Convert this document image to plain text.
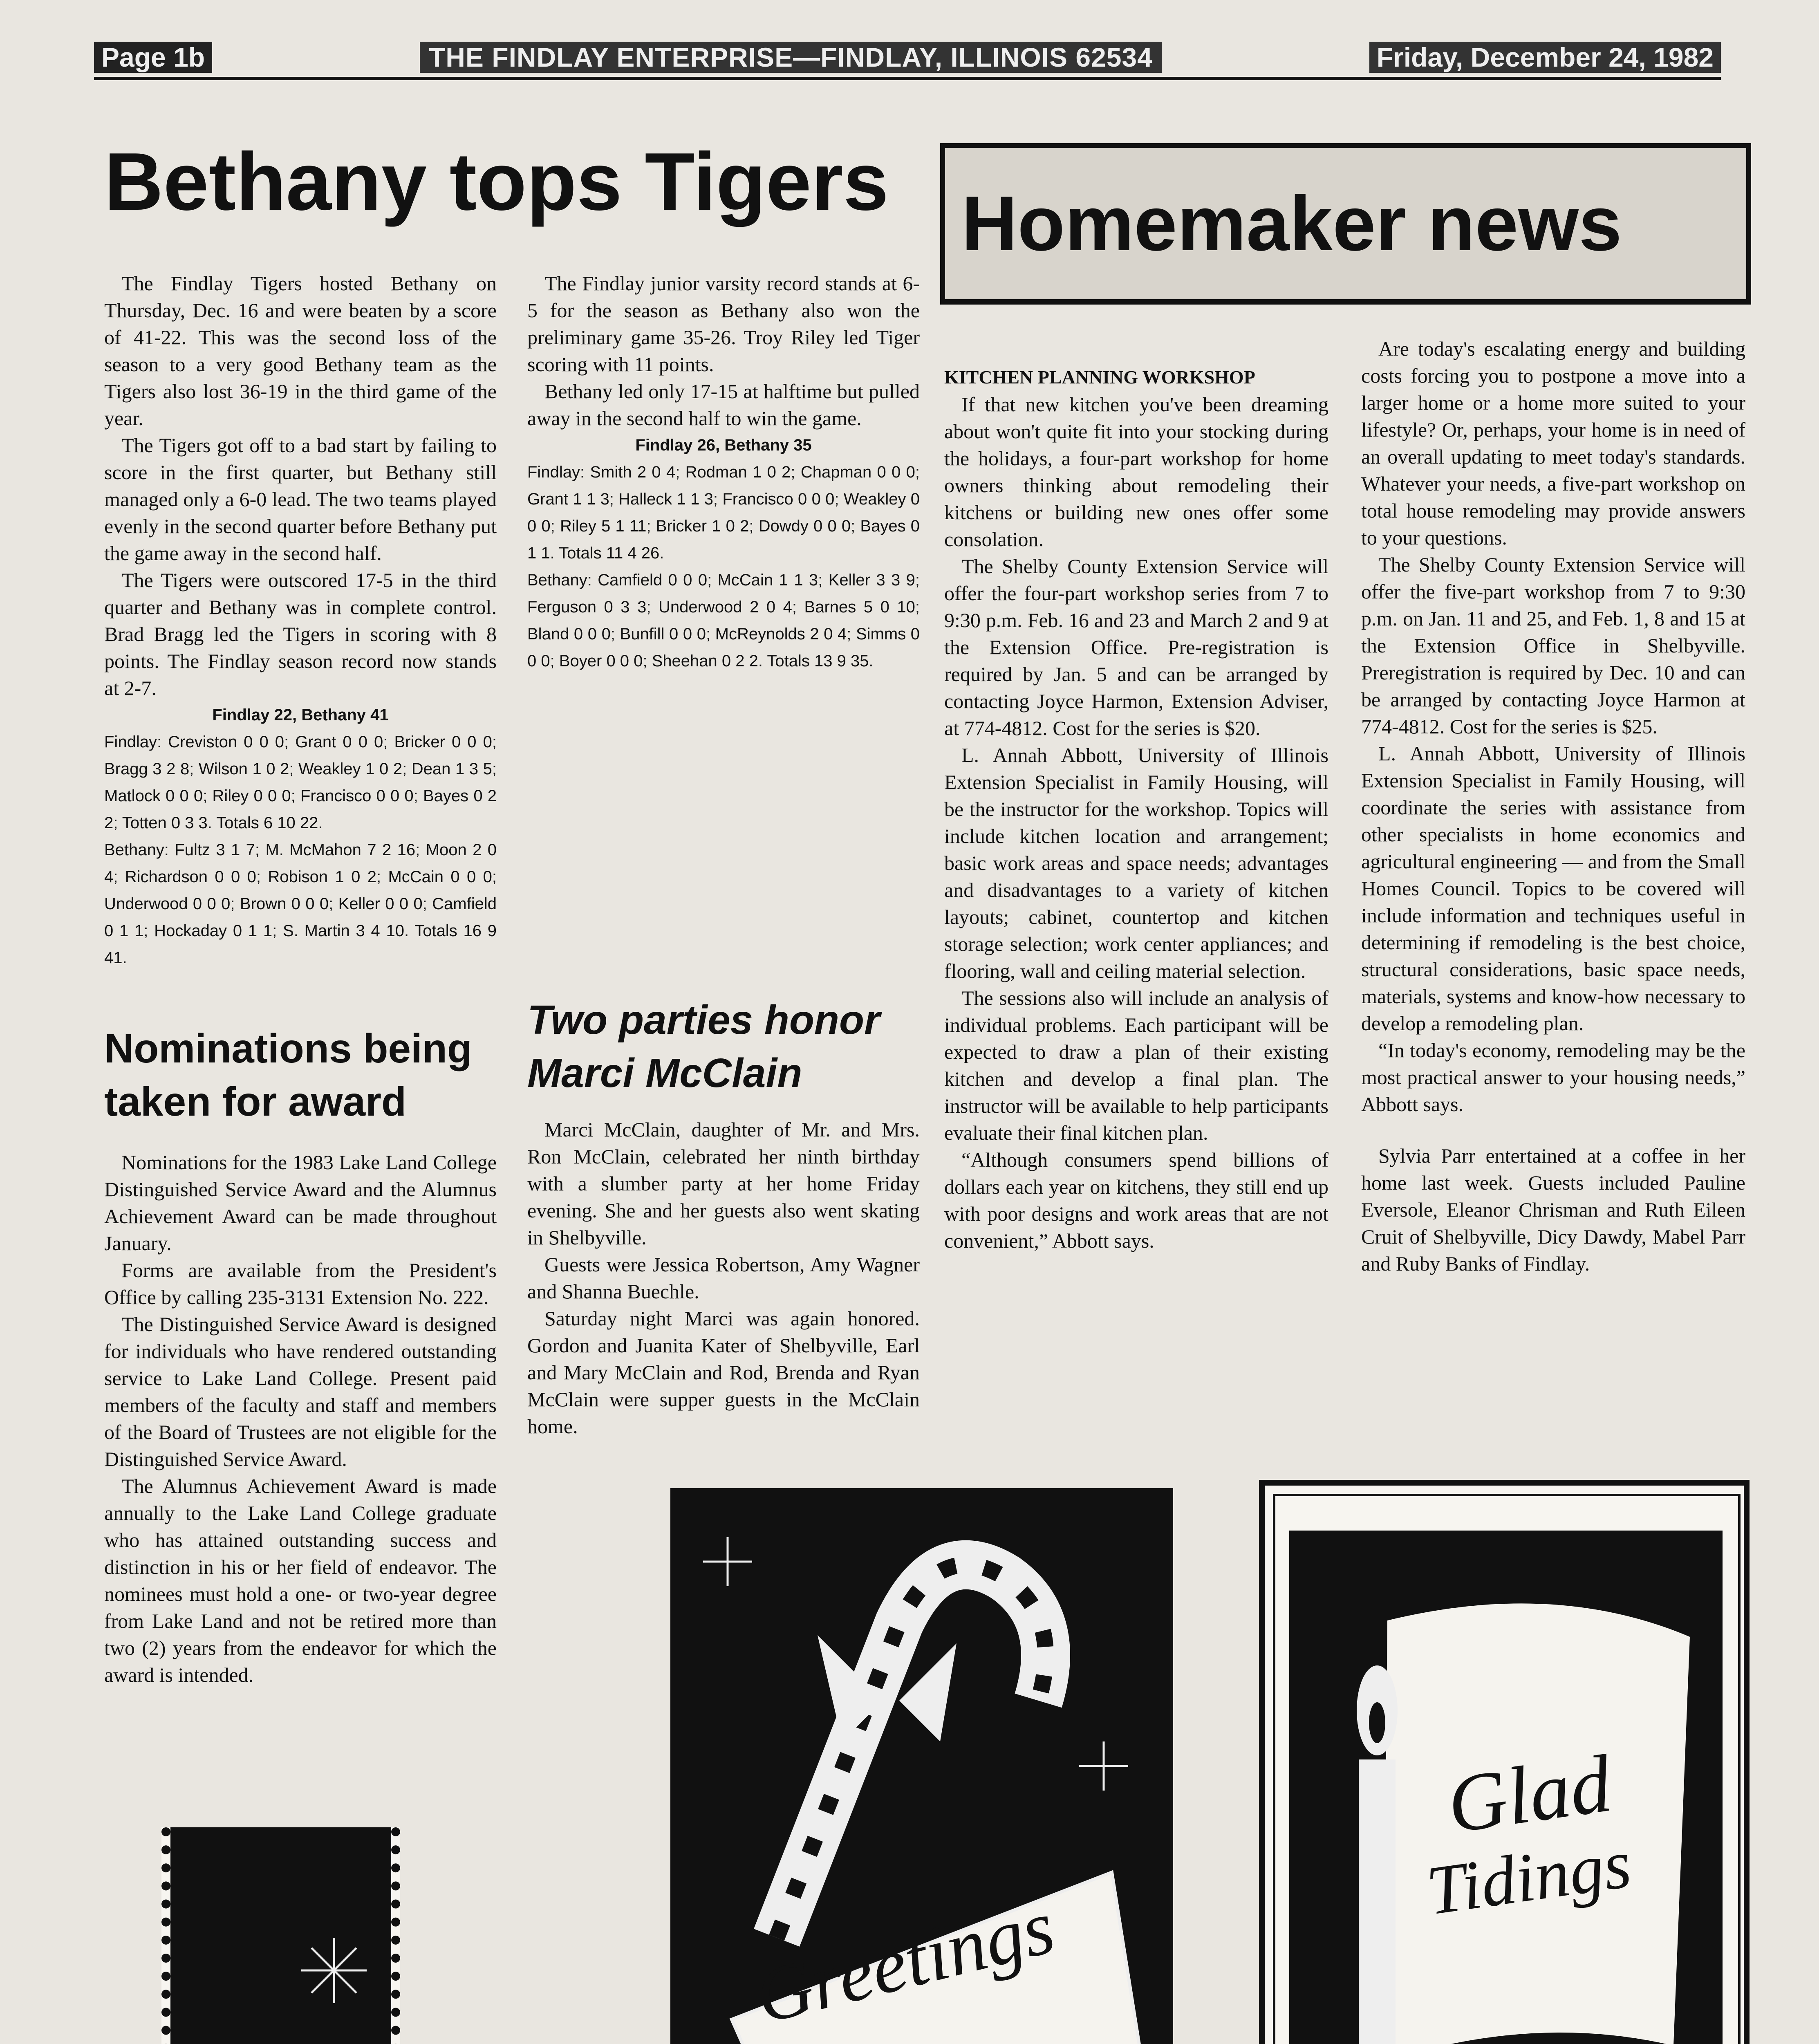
Page 1b	THE FINDLAY ENTERPRISE—FINDLAY, ILLINOIS 62534	Friday, December 24, 1982
Bethany tops Tigers

The Findlay Tigers hosted Bethany on Thursday, Dec. 16 and were beaten by a score of 41-22. This was the second loss of the season to a very good Bethany team as the Tigers also lost 36-19 in the third game of the year.

The Tigers got off to a bad start by failing to score in the first quarter, but Bethany still managed only a 6-0 lead. The two teams played evenly in the second quarter before Bethany put the game away in the second half.

The Tigers were outscored 17-5 in the third quarter and Bethany was in complete control. Brad Bragg led the Tigers in scoring with 8 points. The Findlay season record now stands at 2-7.

Findlay 22, Bethany 41
Findlay: Creviston 0 0 0; Grant 0 0 0; Bricker 0 0 0; Bragg 3 2 8; Wilson 1 0 2; Weakley 1 0 2; Dean 1 3 5; Matlock 0 0 0; Riley 0 0 0; Francisco 0 0 0; Bayes 0 2 2; Totten 0 3 3. Totals 6 10 22.
Bethany: Fultz 3 1 7; M. McMahon 7 2 16; Moon 2 0 4; Richardson 0 0 0; Robison 1 0 2; McCain 0 0 0; Underwood 0 0 0; Brown 0 0 0; Keller 0 0 0; Camfield 0 1 1; Hockaday 0 1 1; S. Martin 3 4 10. Totals 16 9 41.

The Findlay junior varsity record stands at 6-5 for the season as Bethany also won the preliminary game 35-26. Troy Riley led Tiger scoring with 11 points.

Bethany led only 17-15 at halftime but pulled away in the second half to win the game.

Findlay 26, Bethany 35
Findlay: Smith 2 0 4; Rodman 1 0 2; Chapman 0 0 0; Grant 1 1 3; Halleck 1 1 3; Francisco 0 0 0; Weakley 0 0 0; Riley 5 1 11; Bricker 1 0 2; Dowdy 0 0 0; Bayes 0 1 1. Totals 11 4 26.
Bethany: Camfield 0 0 0; McCain 1 1 3; Keller 3 3 9; Ferguson 0 3 3; Underwood 2 0 4; Barnes 5 0 10; Bland 0 0 0; Bunfill 0 0 0; McReynolds 2 0 4; Simms 0 0 0; Boyer 0 0 0; Sheehan 0 2 2. Totals 13 9 35.
Nominations being
taken for award

Nominations for the 1983 Lake Land College Distinguished Service Award and the Alumnus Achievement Award can be made throughout January.

Forms are available from the President's Office by calling 235-3131 Extension No. 222.

The Distinguished Service Award is designed for individuals who have rendered outstanding service to Lake Land College. Present paid members of the faculty and staff and members of the Board of Trustees are not eligible for the Distinguished Service Award.

The Alumnus Achievement Award is made annually to the Lake Land College graduate who has attained outstanding success and distinction in his or her field of endeavor. The nominees must hold a one- or two-year degree from Lake Land and not be retired more than two (2) years from the endeavor for which the award is intended.

Two parties honor
Marci McClain

Marci McClain, daughter of Mr. and Mrs. Ron McClain, celebrated her ninth birthday with a slumber party at her home Friday evening. She and her guests also went skating in Shelbyville.

Guests were Jessica Robertson, Amy Wagner and Shanna Buechle.

Saturday night Marci was again honored. Gordon and Juanita Kater of Shelbyville, Earl and Mary McClain and Rod, Brenda and Ryan McClain were supper guests in the McClain home.

Homemaker news
KITCHEN PLANNING WORKSHOP

If that new kitchen you've been dreaming about won't quite fit into your stocking during the holidays, a four-part workshop for home owners thinking about remodeling their kitchens or building new ones offer some consolation.

The Shelby County Extension Service will offer the four-part workshop series from 7 to 9:30 p.m. Feb. 16 and 23 and March 2 and 9 at the Extension Office. Pre-registration is required by Jan. 5 and can be arranged by contacting Joyce Harmon, Extension Adviser, at 774-4812. Cost for the series is $20.

L. Annah Abbott, University of Illinois Extension Specialist in Family Housing, will be the instructor for the workshop. Topics will include kitchen location and arrangement; basic work areas and space needs; advantages and disadvantages to a variety of kitchen layouts; cabinet, countertop and kitchen storage selection; work center appliances; and flooring, wall and ceiling material selection.

The sessions also will include an analysis of individual problems. Each participant will be expected to draw a plan of their existing kitchen and develop a final plan. The instructor will be available to help participants evaluate their final kitchen plan.

“Although consumers spend billions of dollars each year on kitchens, they still end up with poor designs and work areas that are not convenient,” Abbott says.

Are today's escalating energy and building costs forcing you to postpone a move into a larger home or a home more suited to your lifestyle? Or, perhaps, your home is in need of an overall updating to meet today's standards. Whatever your needs, a five-part workshop on total house remodeling may provide answers to your questions.

The Shelby County Extension Service will offer the five-part workshop from 7 to 9:30 p.m. on Jan. 11 and 25, and Feb. 1, 8 and 15 at the Extension Office in Shelbyville. Preregistration is required by Dec. 10 and can be arranged by contacting Joyce Harmon at 774-4812. Cost for the series is $25.

L. Annah Abbott, University of Illinois Extension Specialist in Family Housing, will coordinate the series with assistance from other specialists in home economics and agricultural engineering — and from the Small Homes Council. Topics to be covered will include information and techniques useful in determining if remodeling is the best choice, structural considerations, basic space needs, materials, systems and know-how necessary to develop a remodeling plan.

“In today's economy, remodeling may be the most practical answer to your housing needs,” Abbott says.

Sylvia Parr entertained at a coffee in her home last week. Guests included Pauline Eversole, Eleanor Chrisman and Ruth Eileen Cruit of Shelbyville, Dicy Dawdy, Mabel Parr and Ruby Banks of Findlay.

Greetings
Glad
Tidings
